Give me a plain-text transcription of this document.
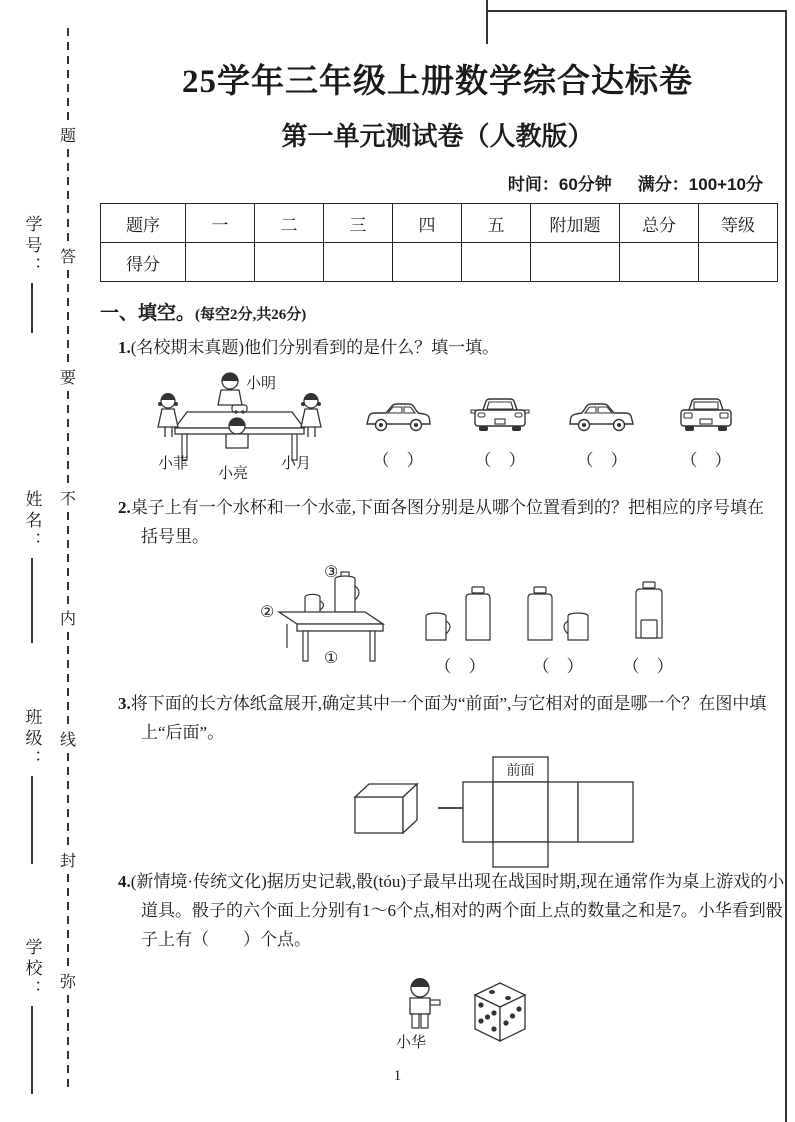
学号：
姓名：
班级：
学校：
题
答
要
不
内
线
封
弥
25学年三年级上册数学综合达标卷
第一单元测试卷（人教版）
时间：60分钟 满分：100+10分
题序	一	二	三	四	五	附加题	总分	等级
得分								
一、填空。(每空2分,共26分)
1.(名校期末真题)他们分别看到的是什么？填一填。
小明
小菲
小亮
小月	（　）	（　）	（　）	（　）
2.桌子上有一个水杯和一个水壶,下面各图分别是从哪个位置看到的？把相应的序号填在括号里。
③
②
①	（　）	（　）	（　）
3.将下面的长方体纸盒展开,确定其中一个面为“前面”,与它相对的面是哪一个？在图中填上“后面”。
前面
4.(新情境·传统文化)据历史记载,骰(tóu)子最早出现在战国时期,现在通常作为桌上游戏的小道具。骰子的六个面上分别有1～6个点,相对的两个面上点的数量之和是7。小华看到骰子上有（　　）个点。
小华
1
